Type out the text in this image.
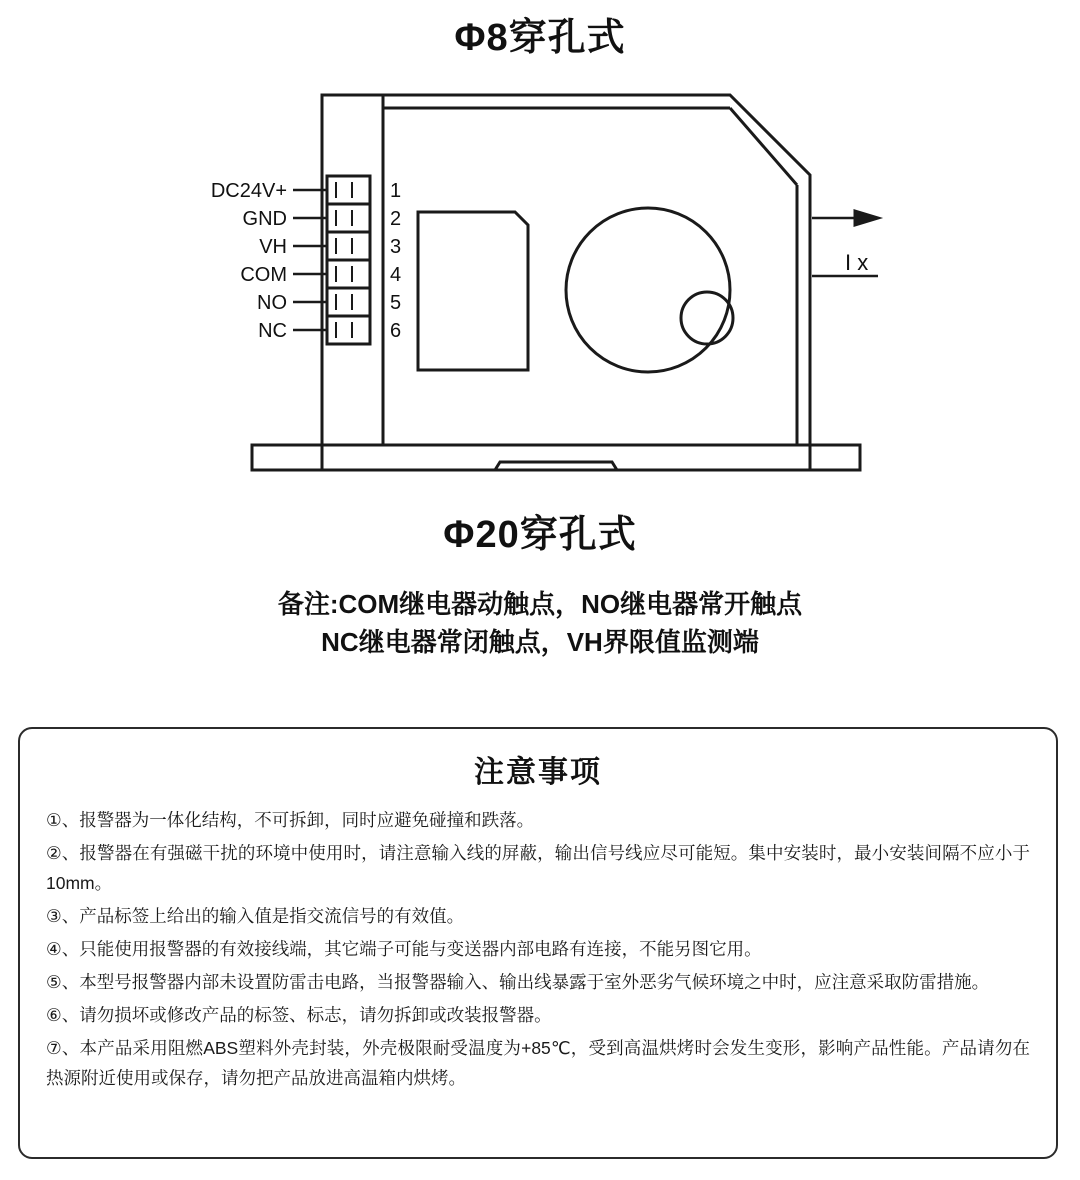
Φ8穿孔式
DC24V+
GND
VH
COM
NO
NC
1
2
3
4
5
6
I x
Φ20穿孔式
备注:COM继电器动触点，NO继电器常开触点
NC继电器常闭触点，VH界限值监测端
注意事项
①、报警器为一体化结构，不可拆卸，同时应避免碰撞和跌落。
②、报警器在有强磁干扰的环境中使用时，请注意输入线的屏蔽，输出信号线应尽可能短。集中安装时，最小安装间隔不应小于10mm。
③、产品标签上给出的输入值是指交流信号的有效值。
④、只能使用报警器的有效接线端，其它端子可能与变送器内部电路有连接，不能另图它用。
⑤、本型号报警器内部未设置防雷击电路，当报警器输入、输出线暴露于室外恶劣气候环境之中时，应注意采取防雷措施。
⑥、请勿损坏或修改产品的标签、标志，请勿拆卸或改装报警器。
⑦、本产品采用阻燃ABS塑料外壳封装，外壳极限耐受温度为+85℃，受到高温烘烤时会发生变形，影响产品性能。产品请勿在热源附近使用或保存，请勿把产品放进高温箱内烘烤。
